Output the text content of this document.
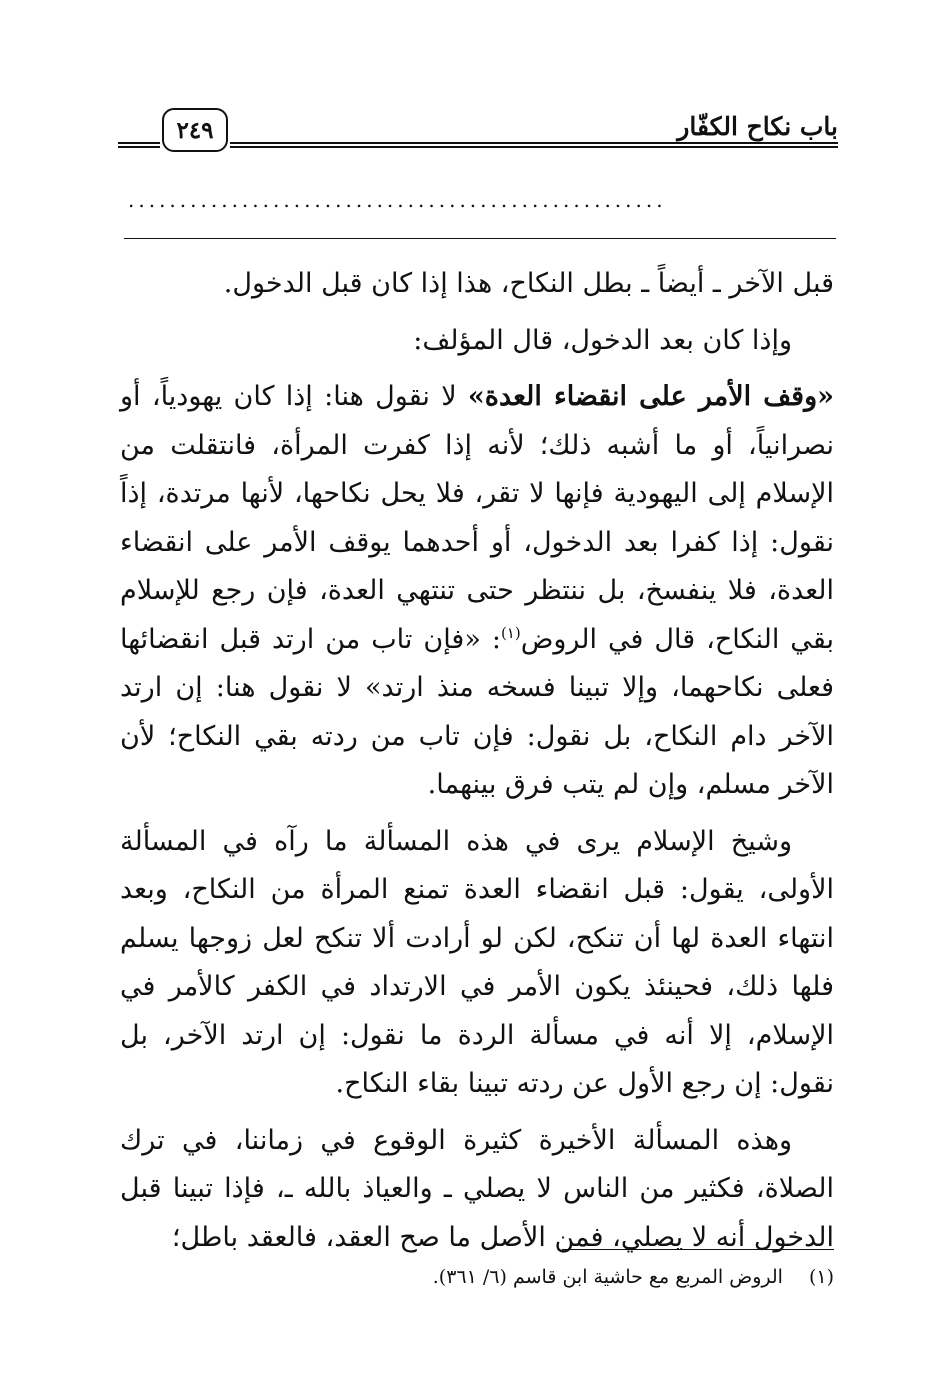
باب نكاح الكفّار
٢٤٩
....................................................

قبل الآخر ـ أيضاً ـ بطل النكاح، هذا إذا كان قبل الدخول.

وإذا كان بعد الدخول، قال المؤلف:

«وقف الأمر على انقضاء العدة» لا نقول هنا: إذا كان يهودياً، أو نصرانياً، أو ما أشبه ذلك؛ لأنه إذا كفرت المرأة، فانتقلت من الإسلام إلى اليهودية فإنها لا تقر، فلا يحل نكاحها، لأنها مرتدة، إذاً نقول: إذا كفرا بعد الدخول، أو أحدهما يوقف الأمر على انقضاء العدة، فلا ينفسخ، بل ننتظر حتى تنتهي العدة، فإن رجع للإسلام بقي النكاح، قال في الروض$^{(١)}$: «فإن تاب من ارتد قبل انقضائها فعلى نكاحهما، وإلا تبينا فسخه منذ ارتد» لا نقول هنا: إن ارتد الآخر دام النكاح، بل نقول: فإن تاب من ردته بقي النكاح؛ لأن الآخر مسلم، وإن لم يتب فرق بينهما.

وشيخ الإسلام يرى في هذه المسألة ما رآه في المسألة الأولى، يقول: قبل انقضاء العدة تمنع المرأة من النكاح، وبعد انتهاء العدة لها أن تنكح، لكن لو أرادت ألا تنكح لعل زوجها يسلم فلها ذلك، فحينئذ يكون الأمر في الارتداد في الكفر كالأمر في الإسلام، إلا أنه في مسألة الردة ما نقول: إن ارتد الآخر، بل نقول: إن رجع الأول عن ردته تبينا بقاء النكاح.

وهذه المسألة الأخيرة كثيرة الوقوع في زماننا، في ترك الصلاة، فكثير من الناس لا يصلي ـ والعياذ بالله ـ، فإذا تبينا قبل الدخول أنه لا يصلي، فمن الأصل ما صح العقد، فالعقد باطل؛

(١)الروض المربع مع حاشية ابن قاسم (٦/ ٣٦١).
